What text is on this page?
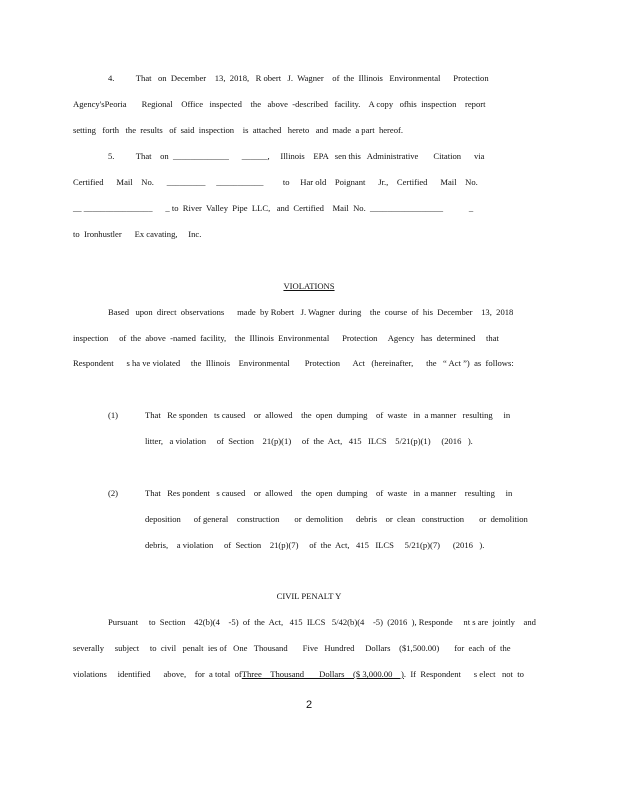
4.          That   on  December    13,  2018,   R obert   J.  Wagner    of  the  Illinois   Environmental      Protection
Agency'sPeoria       Regional    Office   inspected    the   above  -described   facility.    A copy   ofhis  inspection    report
setting   forth   the  results   of  said  inspection    is  attached   hereto   and  made  a part  hereof.
5.          That    on  _____________      ______,     Illinois    EPA   sen this   Administrative       Citation      via
Certified      Mail    No.      _________     ___________         to     Har old    Poignant      Jr.,    Certified      Mail    No.
__ ________________      _ to  River  Valley  Pipe  LLC,   and  Certified    Mail  No.  _________________            _
to  Ironhustler      Ex cavating,     Inc.
VIOLATIONS
Based   upon  direct  observations      made  by Robert   J. Wagner  during    the  course  of  his  December    13,  2018
inspection     of  the  above  -named  facility,    the  Illinois  Environmental      Protection     Agency   has  determined     that
Respondent      s ha ve violated     the  Illinois    Environmental       Protection      Act   (hereinafter,      the   “ Act ”)  as  follows:
(1)	That   Re sponden   ts caused    or  allowed    the  open  dumping    of  waste   in  a manner   resulting     in
litter,   a violation     of  Section    21(p)(1)     of  the  Act,   415   ILCS    5/21(p)(1)     (2016   ).
(2)	That   Res pondent   s caused    or  allowed    the  open  dumping    of  waste   in  a manner    resulting     in
deposition      of general    construction       or  demolition      debris    or  clean   construction       or  demolition
debris,    a violation     of  Section    21(p)(7)     of  the  Act,   415   ILCS     5/21(p)(7)      (2016   ).
CIVIL PENALT Y
Pursuant     to  Section    42(b)(4    -5)  of  the  Act,   415  ILCS   5/42(b)(4    -5)  (2016  ), Responde     nt s are  jointly    and
severally     subject     to  civil   penalt  ies of   One   Thousand       Five   Hundred     Dollars    ($1,500.00)       for  each  of  the
violations     identified      above,    for  a total  of Three    Thousand       Dollars    ($ 3,000.00    ) .  If  Respondent      s elect   not  to
2
